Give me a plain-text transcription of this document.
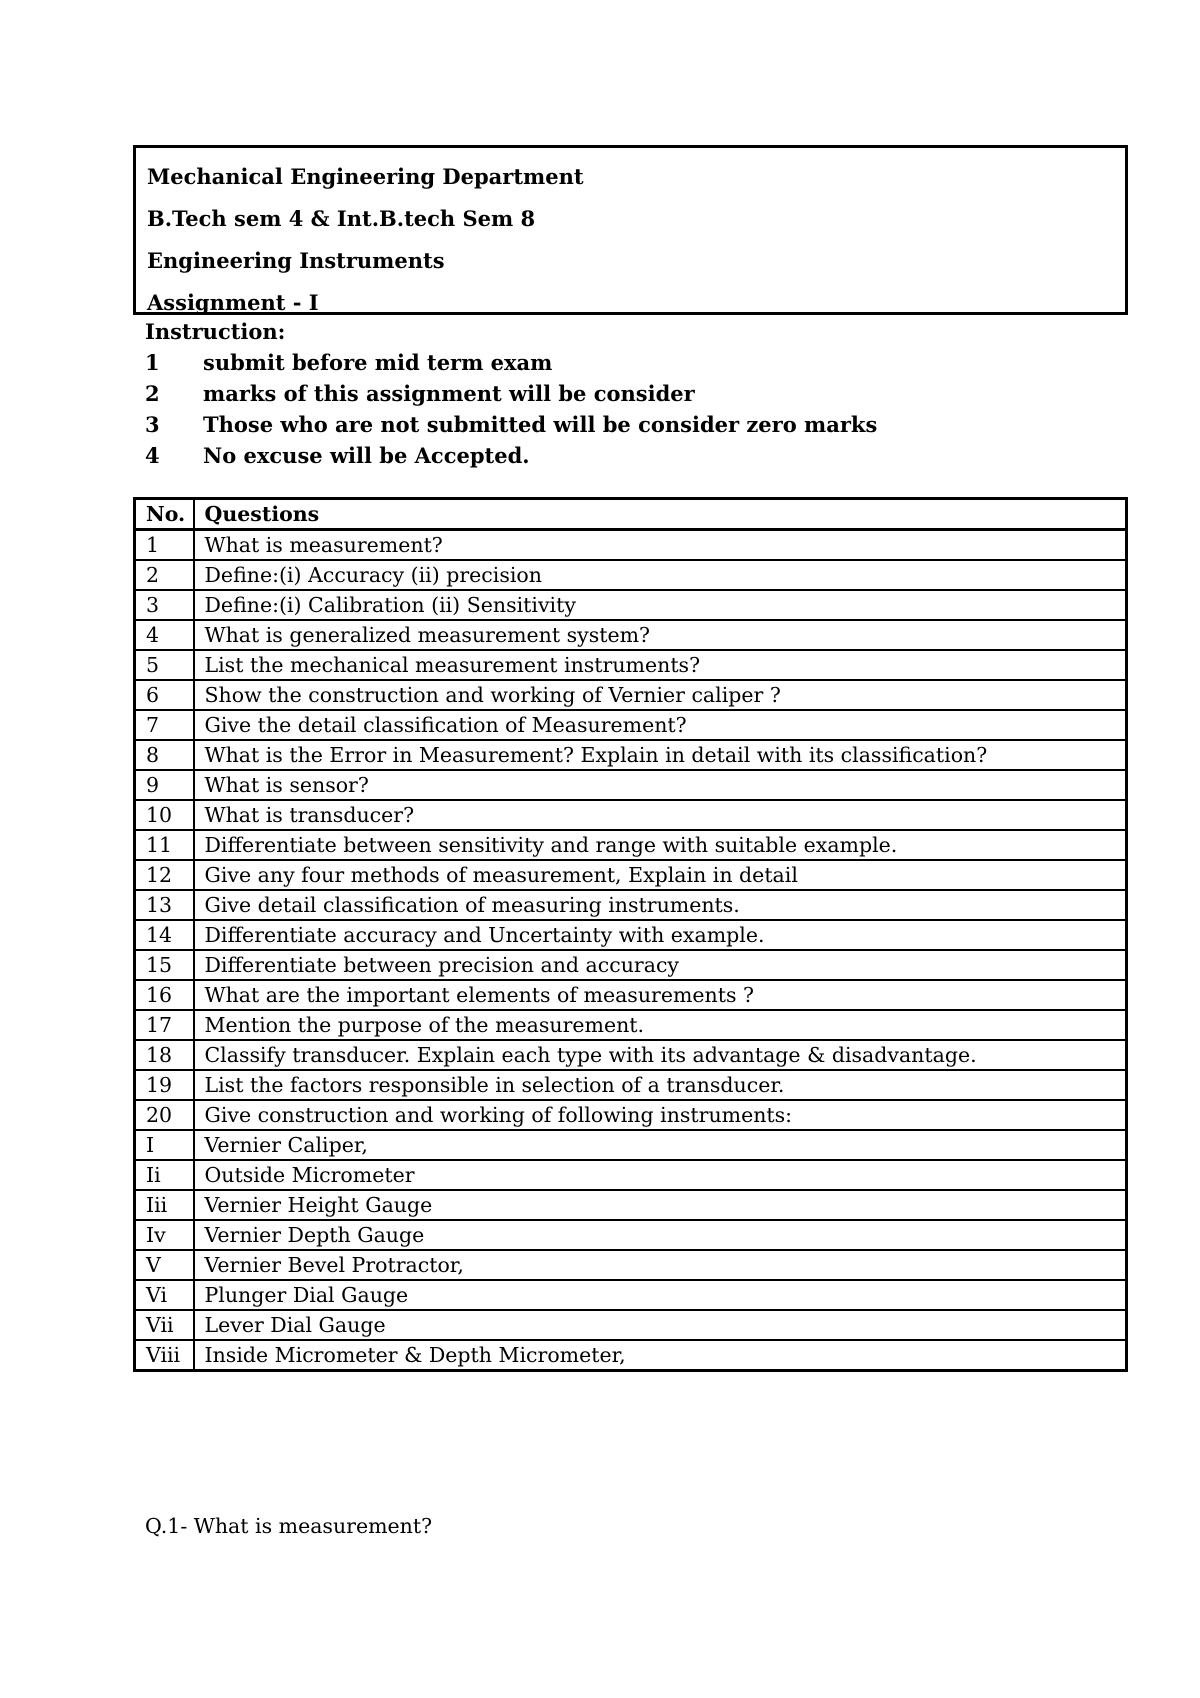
Mechanical Engineering Department
B.Tech sem 4 & Int.B.tech Sem 8
Engineering Instruments
Assignment - I
Instruction:
1	submit before mid term exam
2	marks of this assignment will be consider
3	Those who are not submitted will be consider zero marks
4	No excuse will be Accepted.
No.	Questions
1	What is measurement?
2	Define:(i) Accuracy (ii) precision
3	Define:(i) Calibration (ii) Sensitivity
4	What is generalized measurement system?
5	List the mechanical measurement instruments?
6	Show the construction and working of Vernier caliper ?
7	Give the detail classification of Measurement?
8	What is the Error in Measurement? Explain in detail with its classification?
9	What is sensor?
10	What is transducer?
11	Differentiate between sensitivity and range with suitable example.
12	Give any four methods of measurement, Explain in detail
13	Give detail classification of measuring instruments.
14	Differentiate accuracy and Uncertainty with example.
15	Differentiate between precision and accuracy
16	What are the important elements of measurements ?
17	Mention the purpose of the measurement.
18	Classify transducer. Explain each type with its advantage & disadvantage.
19	List the factors responsible in selection of a transducer.
20	Give construction and working of following instruments:
I	Vernier Caliper,
Ii	Outside Micrometer
Iii	Vernier Height Gauge
Iv	Vernier Depth Gauge
V	Vernier Bevel Protractor,
Vi	Plunger Dial Gauge
Vii	Lever Dial Gauge
Viii	Inside Micrometer & Depth Micrometer,
Q.1- What is measurement?
